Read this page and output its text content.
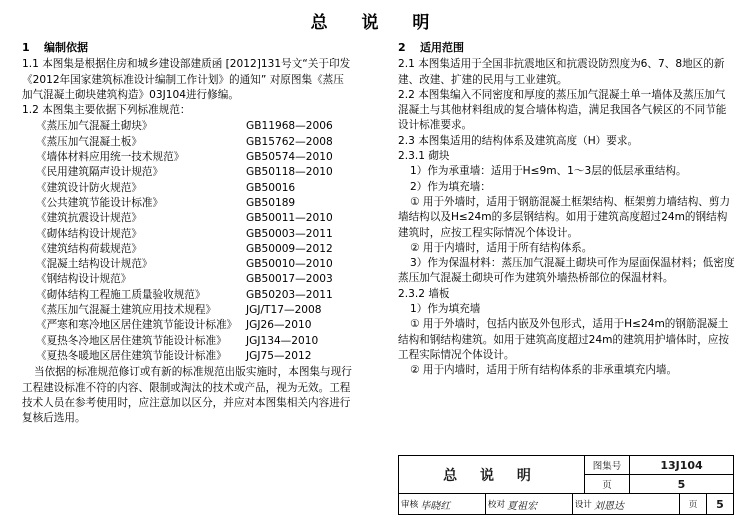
总 说 明
1 编制依据

1.1 本图集是根据住房和城乡建设部建质函 [2012]131号文“关于印发《2012年国家建筑标准设计编制工作计划》的通知” 对原图集《蒸压加气混凝土砌块建筑构造》03J104进行修编。

1.2 本图集主要依据下列标准规范：

《蒸压加气混凝土砌块》	GB11968—2006
《蒸压加气混凝土板》	GB15762—2008
《墙体材料应用统一技术规范》	GB50574—2010
《民用建筑隔声设计规范》	GB50118—2010
《建筑设计防火规范》	GB50016
《公共建筑节能设计标准》	GB50189
《建筑抗震设计规范》	GB50011—2010
《砌体结构设计规范》	GB50003—2011
《建筑结构荷载规范》	GB50009—2012
《混凝土结构设计规范》	GB50010—2010
《钢结构设计规范》	GB50017—2003
《砌体结构工程施工质量验收规范》	GB50203—2011
《蒸压加气混凝土建筑应用技术规程》	JGJ/T17—2008
《严寒和寒冷地区居住建筑节能设计标准》 JGJ26—2010
《夏热冬冷地区居住建筑节能设计标准》	JGJ134—2010
《夏热冬暖地区居住建筑节能设计标准》	JGJ75—2012

当依据的标准规范修订或有新的标准规范出版实施时，本图集与现行工程建设标准不符的内容、限制或淘汰的技术或产品，视为无效。工程技术人员在参考使用时，应注意加以区分，并应对本图集相关内容进行复核后选用。

2 适用范围

2.1 本图集适用于全国非抗震地区和抗震设防烈度为6、7、8地区的新建、改建、扩建的民用与工业建筑。

2.2 本图集编入不同密度和厚度的蒸压加气混凝土单一墙体及蒸压加气混凝土与其他材料组成的复合墙体构造，满足我国各气候区的不同节能设计标准要求。

2.3 本图集适用的结构体系及建筑高度（H）要求。

2.3.1 砌块

1）作为承重墙：适用于H≤9m、1～3层的低层承重结构。

2）作为填充墙：

① 用于外墙时，适用于钢筋混凝土框架结构、框架剪力墙结构、剪力墙结构以及H≤24m的多层钢结构。如用于建筑高度超过24m的钢结构建筑时，应按工程实际情况个体设计。

② 用于内墙时，适用于所有结构体系。

3）作为保温材料：蒸压加气混凝土砌块可作为屋面保温材料；低密度蒸压加气混凝土砌块可作为建筑外墙热桥部位的保温材料。

2.3.2 墙板

1）作为填充墙

① 用于外墙时，包括内嵌及外包形式，适用于H≤24m的钢筋混凝土结构和钢结构建筑。如用于建筑高度超过24m的建筑用护墙体时，应按工程实际情况个体设计。

② 用于内墙时，适用于所有结构体系的非承重填充内墙。

总 说 明
图集号	13J104
页	5
审核 毕晓红	校对 夏祖宏	设计 刘恩达	页	5
